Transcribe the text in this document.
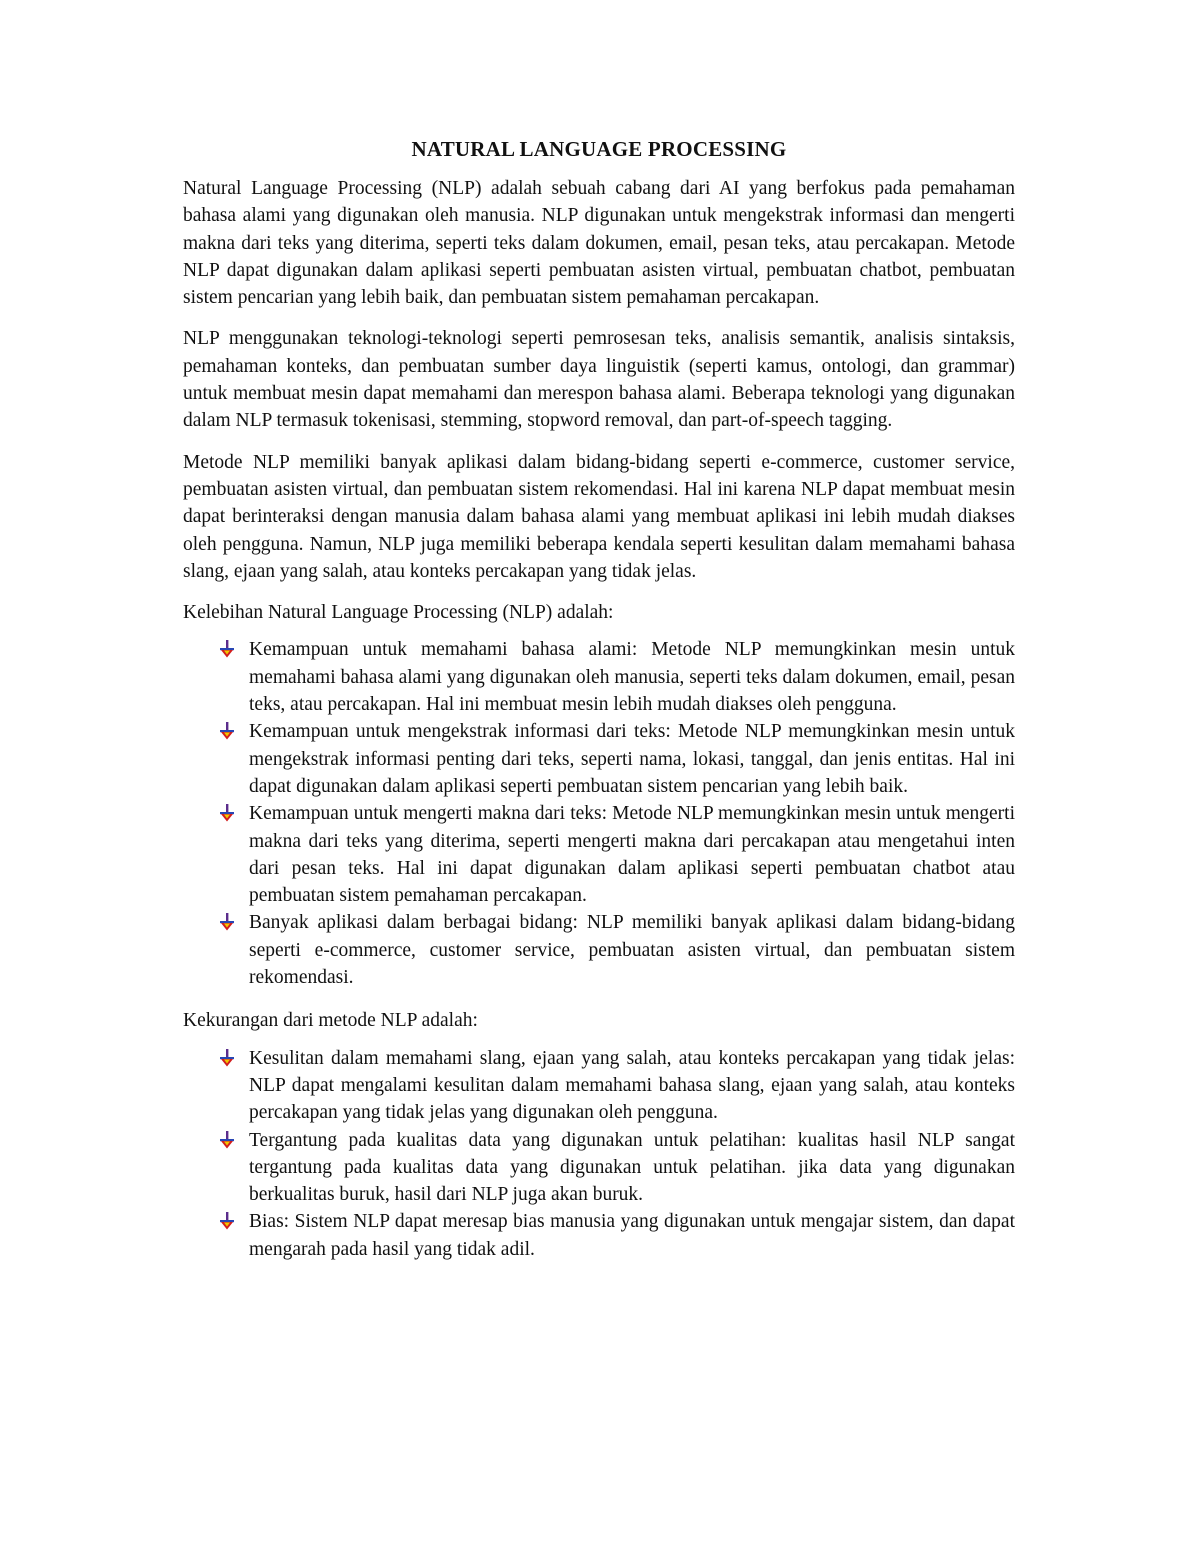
NATURAL LANGUAGE PROCESSING

Natural Language Processing (NLP) adalah sebuah cabang dari AI yang berfokus pada pemahaman bahasa alami yang digunakan oleh manusia. NLP digunakan untuk mengekstrak informasi dan mengerti makna dari teks yang diterima, seperti teks dalam dokumen, email, pesan teks, atau percakapan. Metode NLP dapat digunakan dalam aplikasi seperti pembuatan asisten virtual, pembuatan chatbot, pembuatan sistem pencarian yang lebih baik, dan pembuatan sistem pemahaman percakapan.

NLP menggunakan teknologi-teknologi seperti pemrosesan teks, analisis semantik, analisis sintaksis, pemahaman konteks, dan pembuatan sumber daya linguistik (seperti kamus, ontologi, dan grammar) untuk membuat mesin dapat memahami dan merespon bahasa alami. Beberapa teknologi yang digunakan dalam NLP termasuk tokenisasi, stemming, stopword removal, dan part-of-speech tagging.

Metode NLP memiliki banyak aplikasi dalam bidang-bidang seperti e-commerce, customer service, pembuatan asisten virtual, dan pembuatan sistem rekomendasi. Hal ini karena NLP dapat membuat mesin dapat berinteraksi dengan manusia dalam bahasa alami yang membuat aplikasi ini lebih mudah diakses oleh pengguna. Namun, NLP juga memiliki beberapa kendala seperti kesulitan dalam memahami bahasa slang, ejaan yang salah, atau konteks percakapan yang tidak jelas.

Kelebihan Natural Language Processing (NLP) adalah:

Kemampuan untuk memahami bahasa alami: Metode NLP memungkinkan mesin untuk memahami bahasa alami yang digunakan oleh manusia, seperti teks dalam dokumen, email, pesan teks, atau percakapan. Hal ini membuat mesin lebih mudah diakses oleh pengguna.
Kemampuan untuk mengekstrak informasi dari teks: Metode NLP memungkinkan mesin untuk mengekstrak informasi penting dari teks, seperti nama, lokasi, tanggal, dan jenis entitas. Hal ini dapat digunakan dalam aplikasi seperti pembuatan sistem pencarian yang lebih baik.
Kemampuan untuk mengerti makna dari teks: Metode NLP memungkinkan mesin untuk mengerti makna dari teks yang diterima, seperti mengerti makna dari percakapan atau mengetahui inten dari pesan teks. Hal ini dapat digunakan dalam aplikasi seperti pembuatan chatbot atau pembuatan sistem pemahaman percakapan.
Banyak aplikasi dalam berbagai bidang: NLP memiliki banyak aplikasi dalam bidang-bidang seperti e-commerce, customer service, pembuatan asisten virtual, dan pembuatan sistem rekomendasi.

Kekurangan dari metode NLP adalah:

Kesulitan dalam memahami slang, ejaan yang salah, atau konteks percakapan yang tidak jelas: NLP dapat mengalami kesulitan dalam memahami bahasa slang, ejaan yang salah, atau konteks percakapan yang tidak jelas yang digunakan oleh pengguna.
Tergantung pada kualitas data yang digunakan untuk pelatihan: kualitas hasil NLP sangat tergantung pada kualitas data yang digunakan untuk pelatihan. jika data yang digunakan berkualitas buruk, hasil dari NLP juga akan buruk.
Bias: Sistem NLP dapat meresap bias manusia yang digunakan untuk mengajar sistem, dan dapat mengarah pada hasil yang tidak adil.
